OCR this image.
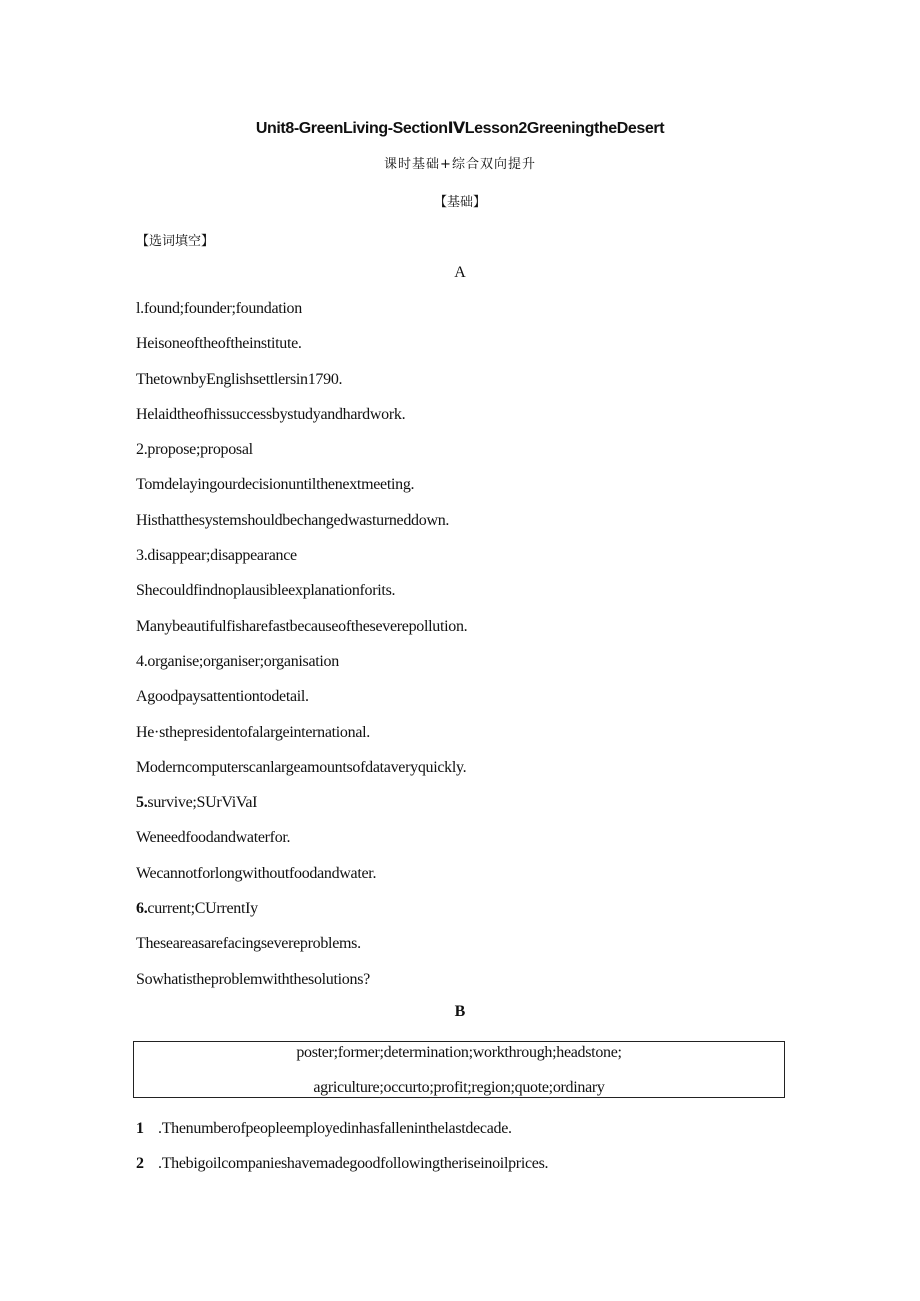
Unit8-GreenLiving-SectionⅣLesson2GreeningtheDesert
课时基础+综合双向提升
【基础】
【选词填空】
A
l.found;founder;foundation
Heisoneoftheoftheinstitute.
ThetownbyEnglishsettlersin1790.
Helaidtheofhissuccessbystudyandhardwork.
2.propose;proposal
Tomdelayingourdecisionuntilthenextmeeting.
Histhatthesystemshouldbechangedwasturneddown.
3.disappear;disappearance
Shecouldfindnoplausibleexplanationforits.
Manybeautifulfisharefastbecauseoftheseverepollution.
4.organise;organiser;organisation
Agoodpaysattentiontodetail.
He·sthepresidentofalargeinternational.
Moderncomputerscanlargeamountsofdataveryquickly.
5.survive;SUrViVaI
Weneedfoodandwaterfor.
Wecannotforlongwithoutfoodandwater.
6.current;CUrrentIy
Theseareasarefacingsevereproblems.
Sowhatistheproblemwiththesolutions?
B
poster;former;determination;workthrough;headstone;
agriculture;occurto;profit;region;quote;ordinary
1 .Thenumberofpeopleemployedinhasfalleninthelastdecade.
2 .Thebigoilcompanieshavemadegoodfollowingtheriseinoilprices.
